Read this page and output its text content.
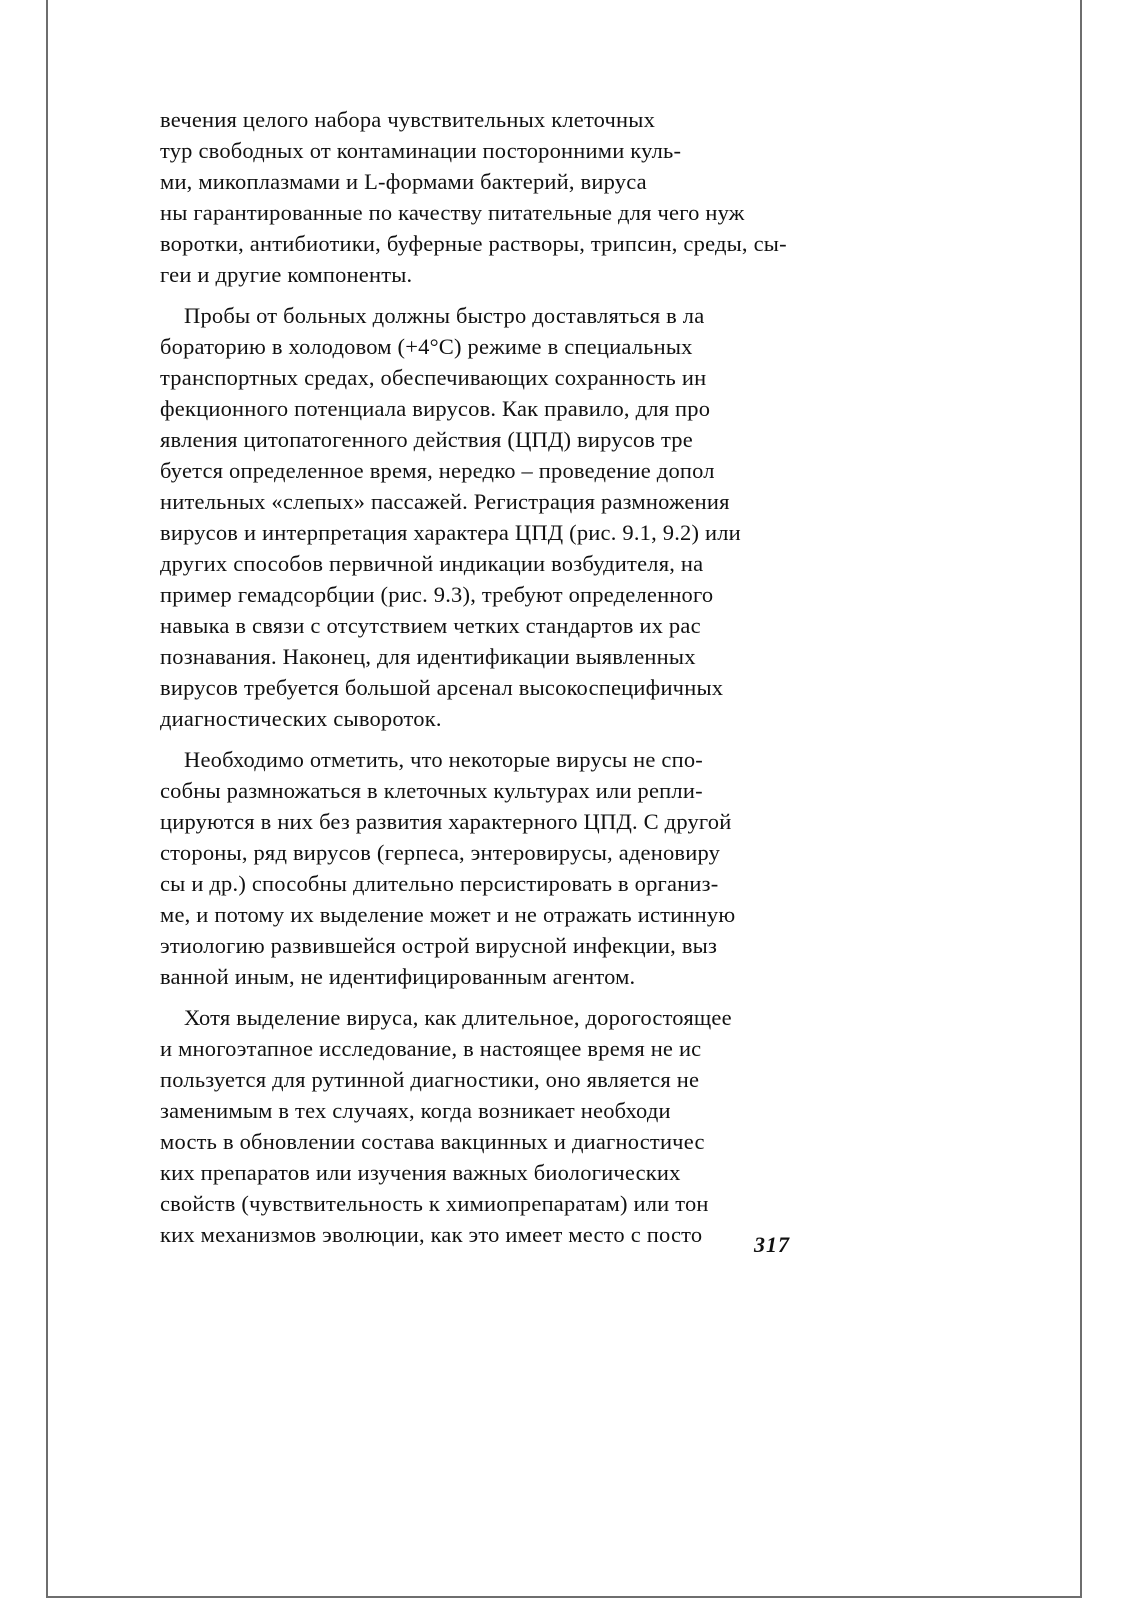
вечения целого набора чувствительных клеточных
тур свободных от контаминации посторонними куль-
ми, микоплазмами и L-формами бактерий, вируса
ны гарантированные по качеству питательные для чего нуж
воротки, антибиотики, буферные растворы, трипсин, среды, сы-
геи и другие компоненты.
Пробы от больных должны быстро доставляться в ла
бораторию в холодовом (+4°С) режиме в специальных
транспортных средах, обеспечивающих сохранность ин
фекционного потенциала вирусов. Как правило, для про
явления цитопатогенного действия (ЦПД) вирусов тре
буется определенное время, нередко – проведение допол
нительных «слепых» пассажей. Регистрация размножения
вирусов и интерпретация характера ЦПД (рис. 9.1, 9.2) или
других способов первичной индикации возбудителя, на
пример гемадсорбции (рис. 9.3), требуют определенного
навыка в связи с отсутствием четких стандартов их рас
познавания. Наконец, для идентификации выявленных
вирусов требуется большой арсенал высокоспецифичных
диагностических сывороток.
Необходимо отметить, что некоторые вирусы не спо-
собны размножаться в клеточных культурах или репли-
цируются в них без развития характерного ЦПД. С другой
стороны, ряд вирусов (герпеса, энтеровирусы, аденовиру
сы и др.) способны длительно персистировать в организ-
ме, и потому их выделение может и не отражать истинную
этиологию развившейся острой вирусной инфекции, выз
ванной иным, не идентифицированным агентом.
Хотя выделение вируса, как длительное, дорогостоящее
и многоэтапное исследование, в настоящее время не ис
пользуется для рутинной диагностики, оно является не
заменимым в тех случаях, когда возникает необходи
мость в обновлении состава вакцинных и диагностичес
ких препаратов или изучения важных биологических
свойств (чувствительность к химиопрепаратам) или тон
ких механизмов эволюции, как это имеет место с посто	317
